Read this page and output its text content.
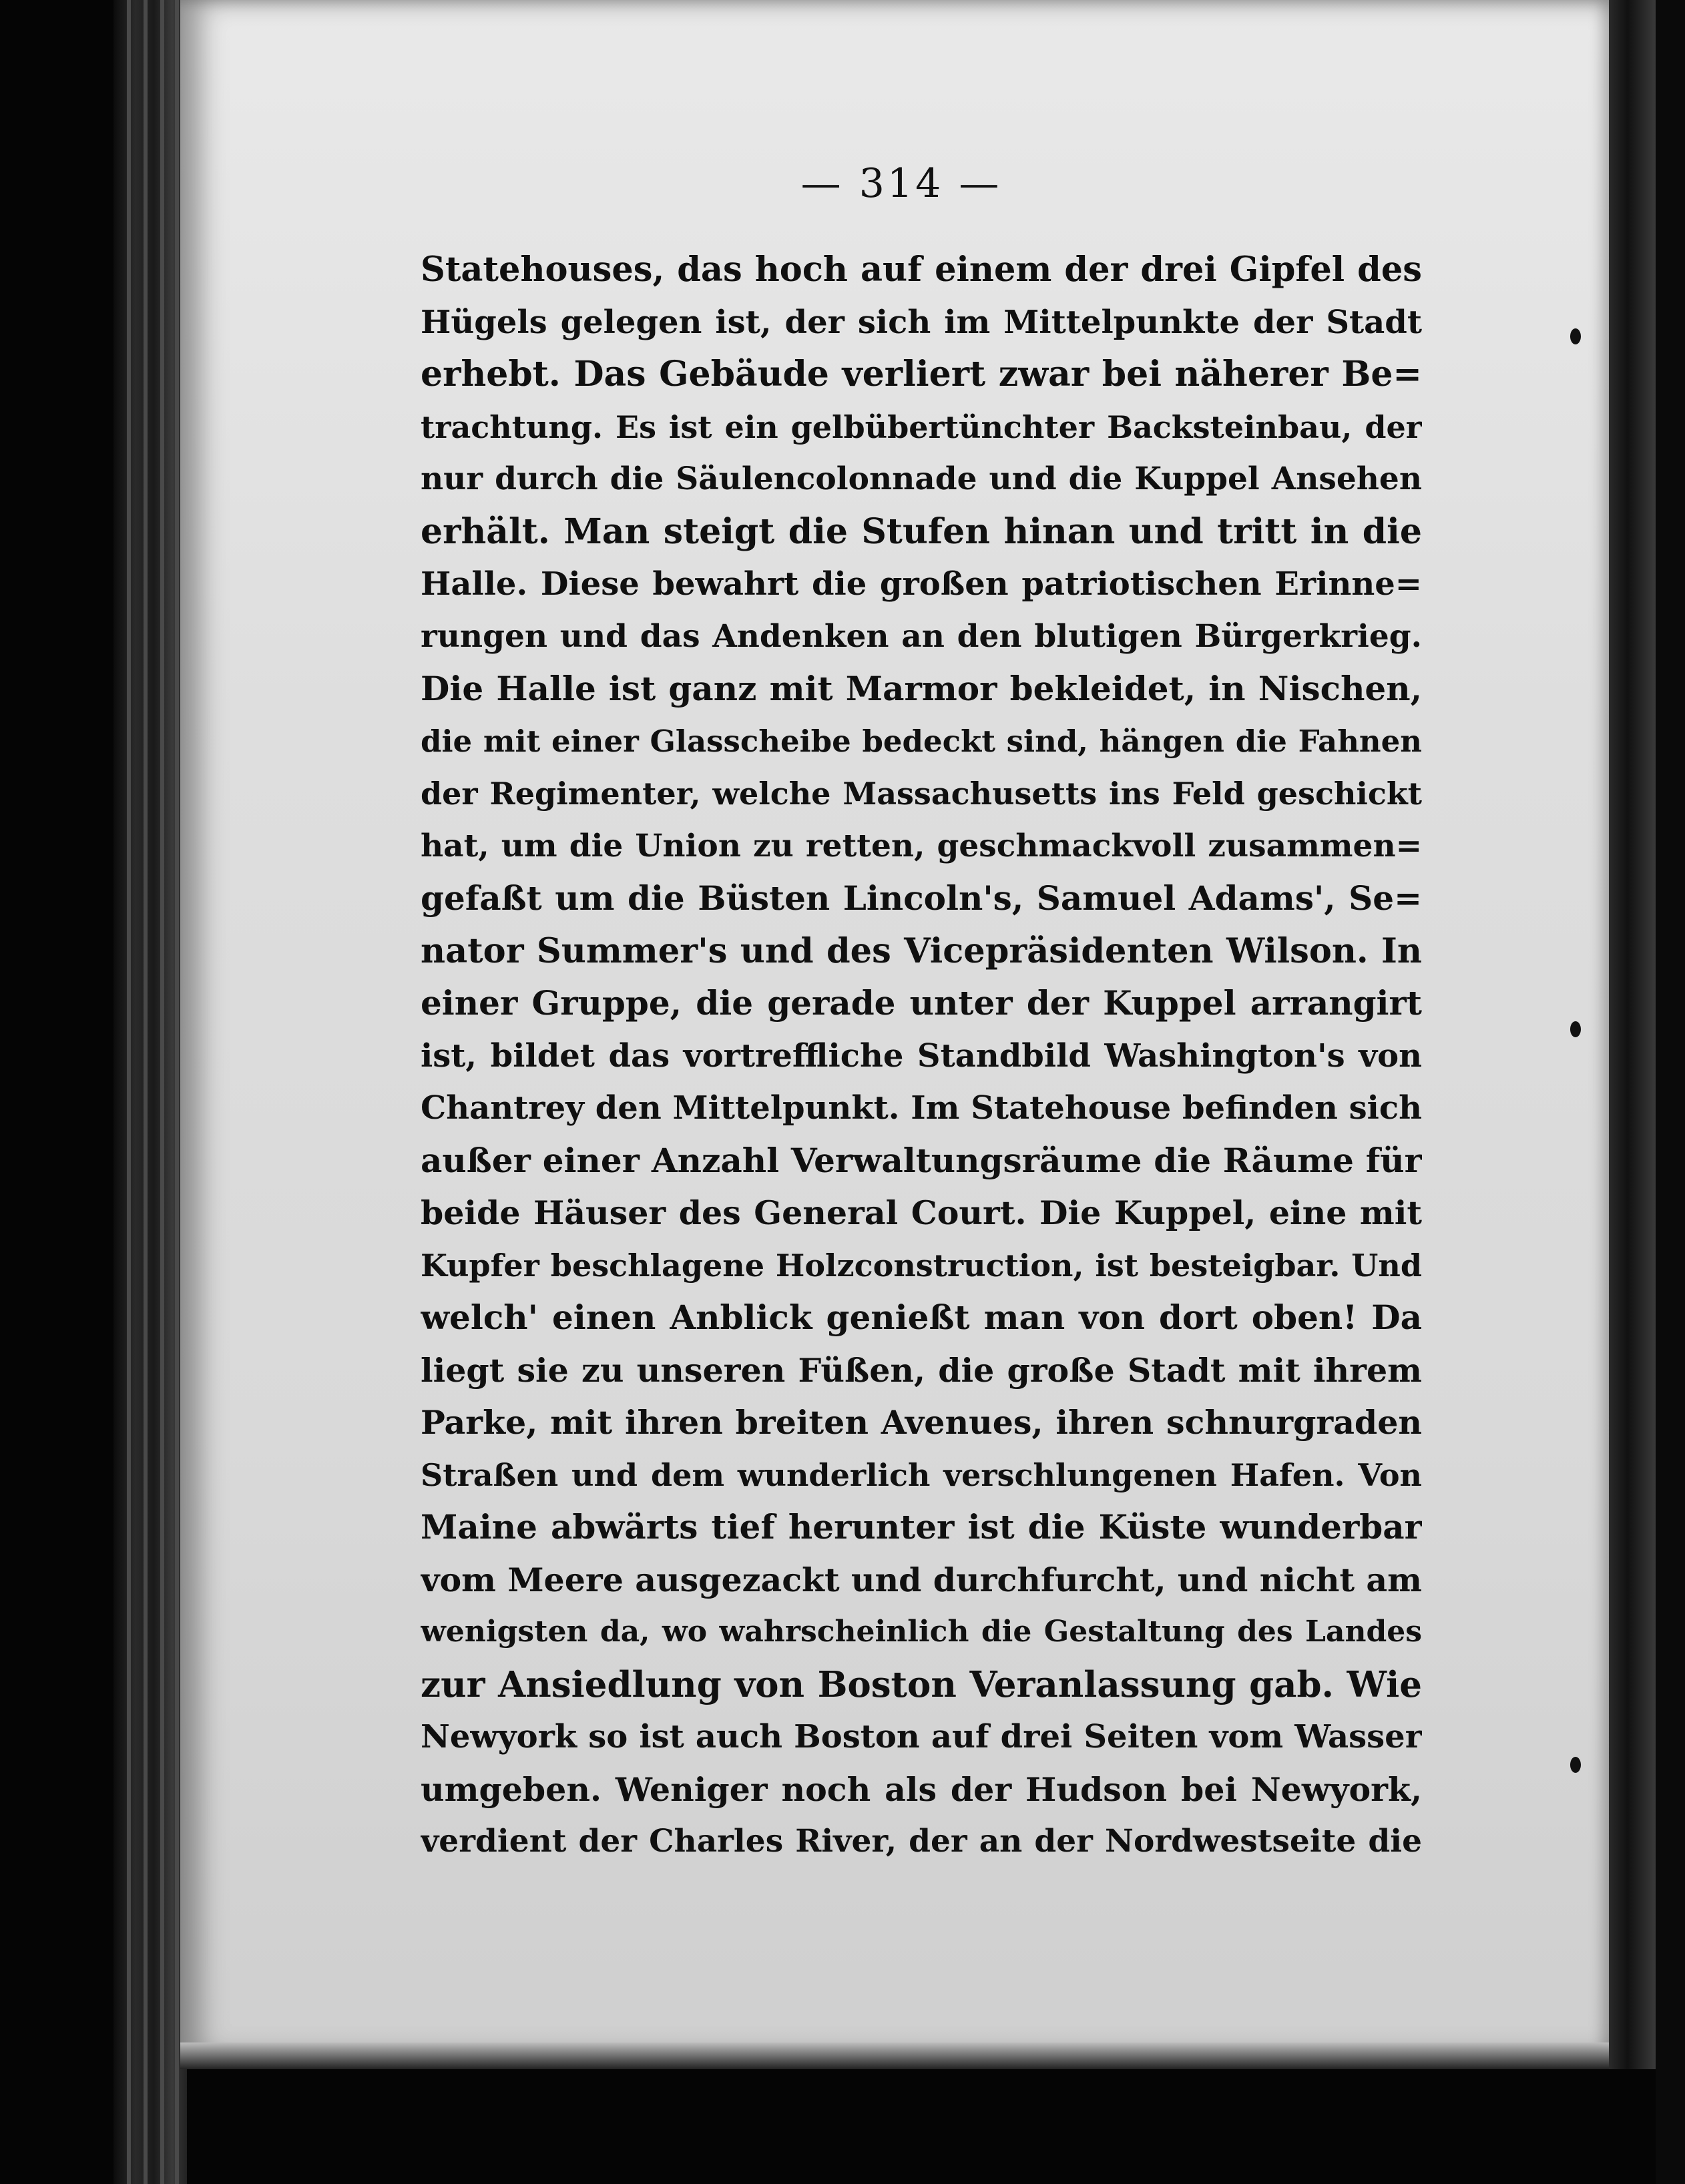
— 314 —
Statehouses, das hoch auf einem der drei Gipfel des
Hügels gelegen ist, der sich im Mittelpunkte der Stadt
erhebt. Das Gebäude verliert zwar bei näherer Be=
trachtung. Es ist ein gelbübertünchter Backsteinbau, der
nur durch die Säulencolonnade und die Kuppel Ansehen
erhält. Man steigt die Stufen hinan und tritt in die
Halle. Diese bewahrt die großen patriotischen Erinne=
rungen und das Andenken an den blutigen Bürgerkrieg.
Die Halle ist ganz mit Marmor bekleidet, in Nischen,
die mit einer Glasscheibe bedeckt sind, hängen die Fahnen
der Regimenter, welche Massachusetts ins Feld geschickt
hat, um die Union zu retten, geschmackvoll zusammen=
gefaßt um die Büsten Lincoln's, Samuel Adams', Se=
nator Summer's und des Vicepräsidenten Wilson. In
einer Gruppe, die gerade unter der Kuppel arrangirt
ist, bildet das vortreffliche Standbild Washington's von
Chantrey den Mittelpunkt. Im Statehouse befinden sich
außer einer Anzahl Verwaltungsräume die Räume für
beide Häuser des General Court. Die Kuppel, eine mit
Kupfer beschlagene Holzconstruction, ist besteigbar. Und
welch' einen Anblick genießt man von dort oben! Da
liegt sie zu unseren Füßen, die große Stadt mit ihrem
Parke, mit ihren breiten Avenues, ihren schnurgraden
Straßen und dem wunderlich verschlungenen Hafen. Von
Maine abwärts tief herunter ist die Küste wunderbar
vom Meere ausgezackt und durchfurcht, und nicht am
wenigsten da, wo wahrscheinlich die Gestaltung des Landes
zur Ansiedlung von Boston Veranlassung gab. Wie
Newyork so ist auch Boston auf drei Seiten vom Wasser
umgeben. Weniger noch als der Hudson bei Newyork,
verdient der Charles River, der an der Nordwestseite die
